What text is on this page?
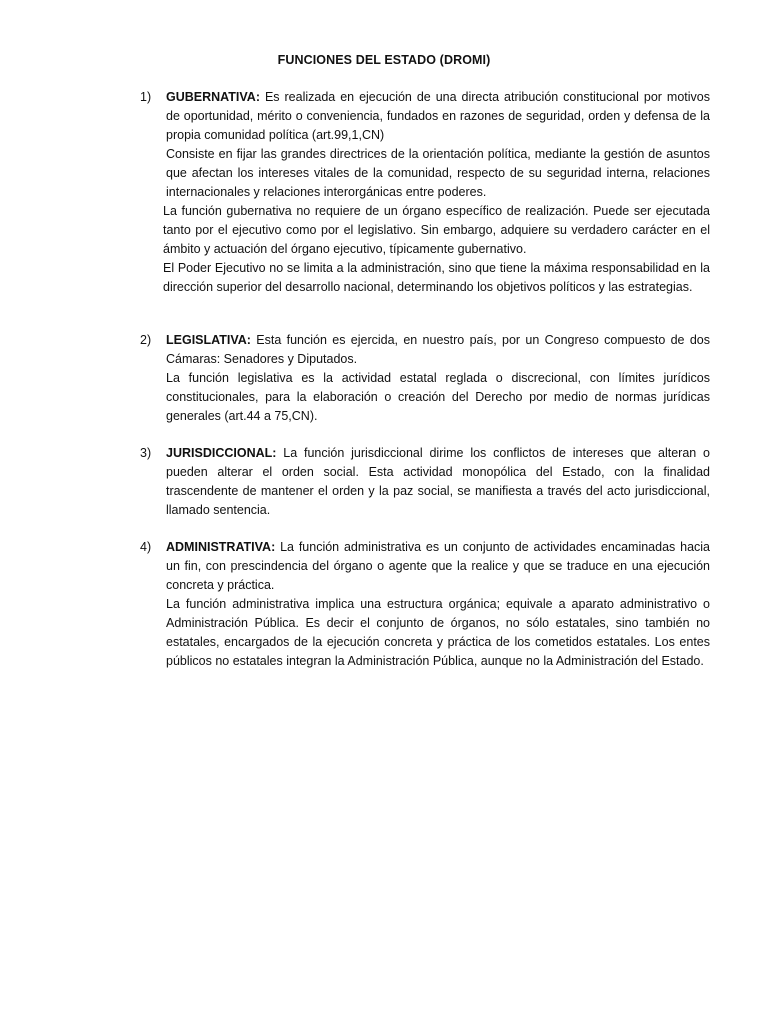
FUNCIONES DEL ESTADO (DROMI)
1) GUBERNATIVA: Es realizada en ejecución de una directa atribución constitucional por motivos de oportunidad, mérito o conveniencia, fundados en razones de seguridad, orden y defensa de la propia comunidad política (art.99,1,CN)

Consiste en fijar las grandes directrices de la orientación política, mediante la gestión de asuntos que afectan los intereses vitales de la comunidad, respecto de su seguridad interna, relaciones internacionales y relaciones interorgánicas entre poderes.

La función gubernativa no requiere de un órgano específico de realización. Puede ser ejecutada tanto por el ejecutivo como por el legislativo. Sin embargo, adquiere su verdadero carácter en el ámbito y actuación del órgano ejecutivo, típicamente gubernativo.

El Poder Ejecutivo no se limita a la administración, sino que tiene la máxima responsabilidad en la dirección superior del desarrollo nacional, determinando los objetivos políticos y las estrategias.

2) LEGISLATIVA: Esta función es ejercida, en nuestro país, por un Congreso compuesto de dos Cámaras: Senadores y Diputados.

La función legislativa es la actividad estatal reglada o discrecional, con límites jurídicos constitucionales, para la elaboración o creación del Derecho por medio de normas jurídicas generales (art.44 a 75,CN).

3) JURISDICCIONAL: La función jurisdiccional dirime los conflictos de intereses que alteran o pueden alterar el orden social. Esta actividad monopólica del Estado, con la finalidad trascendente de mantener el orden y la paz social, se manifiesta a través del acto jurisdiccional, llamado sentencia.

4) ADMINISTRATIVA: La función administrativa es un conjunto de actividades encaminadas hacia un fin, con prescindencia del órgano o agente que la realice y que se traduce en una ejecución concreta y práctica.

La función administrativa implica una estructura orgánica; equivale a aparato administrativo o Administración Pública. Es decir el conjunto de órganos, no sólo estatales, sino también no estatales, encargados de la ejecución concreta y práctica de los cometidos estatales. Los entes públicos no estatales integran la Administración Pública, aunque no la Administración del Estado.
